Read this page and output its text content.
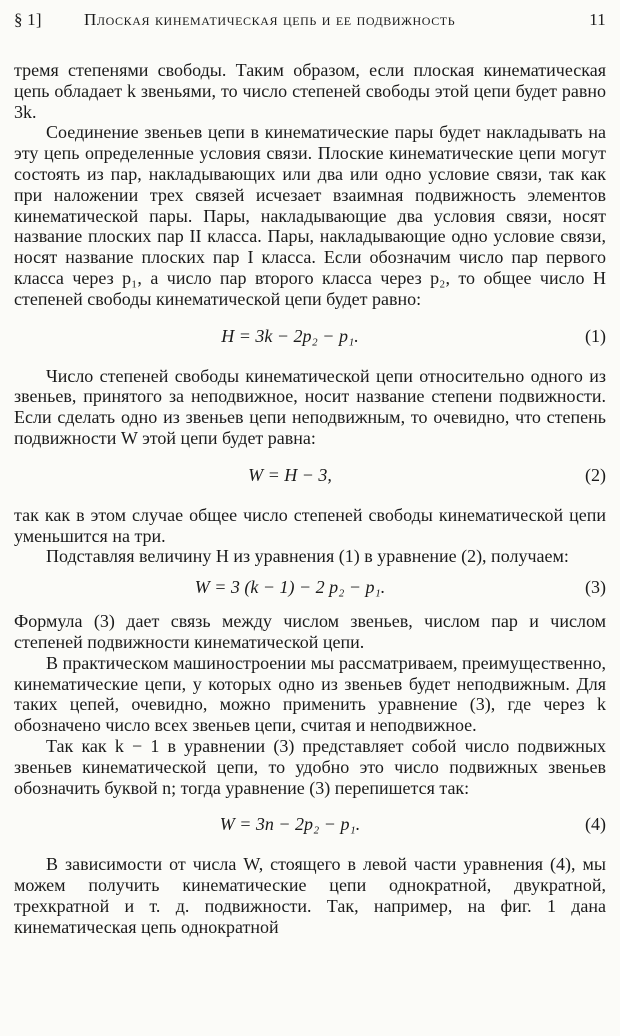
§ 1] Плоская кинематическая цепь и ее подвижность	11

тремя степенями свободы. Таким образом, если плоская кинематическая цепь обладает k звеньями, то число степеней свободы этой цепи будет равно 3k.

Соединение звеньев цепи в кинематические пары будет накладывать на эту цепь определенные условия связи. Плоские кинематические цепи могут состоять из пар, накладывающих или два или одно условие связи, так как при наложении трех связей исчезает взаимная подвижность элементов кинематической пары. Пары, накладывающие два условия связи, носят название плоских пар II класса. Пары, накладывающие одно условие связи, носят название плоских пар I класса. Если обозначим число пар первого класса через p₁, а число пар второго класса через p₂, то общее число H степеней свободы кинематической цепи будет равно:

H = 3k − 2p₂ − p₁.	(1)

Число степеней свободы кинематической цепи относительно одного из звеньев, принятого за неподвижное, носит название степени подвижности. Если сделать одно из звеньев цепи неподвижным, то очевидно, что степень подвижности W этой цепи будет равна:

W = H − 3,	(2)

так как в этом случае общее число степеней свободы кинематической цепи уменьшится на три.

Подставляя величину H из уравнения (1) в уравнение (2), получаем:

W = 3 (k − 1) − 2 p₂ − p₁.	(3)

Формула (3) дает связь между числом звеньев, числом пар и числом степеней подвижности кинематической цепи.

В практическом машиностроении мы рассматриваем, преимущественно, кинематические цепи, у которых одно из звеньев будет неподвижным. Для таких цепей, очевидно, можно применить уравнение (3), где через k обозначено число всех звеньев цепи, считая и неподвижное.

Так как k − 1 в уравнении (3) представляет собой число подвижных звеньев кинематической цепи, то удобно это число подвижных звеньев обозначить буквой n; тогда уравнение (3) перепишется так:

W = 3n − 2p₂ − p₁.	(4)

В зависимости от числа W, стоящего в левой части уравнения (4), мы можем получить кинематические цепи однократной, двукратной, трехкратной и т. д. подвижности. Так, например, на фиг. 1 дана кинематическая цепь однократной
